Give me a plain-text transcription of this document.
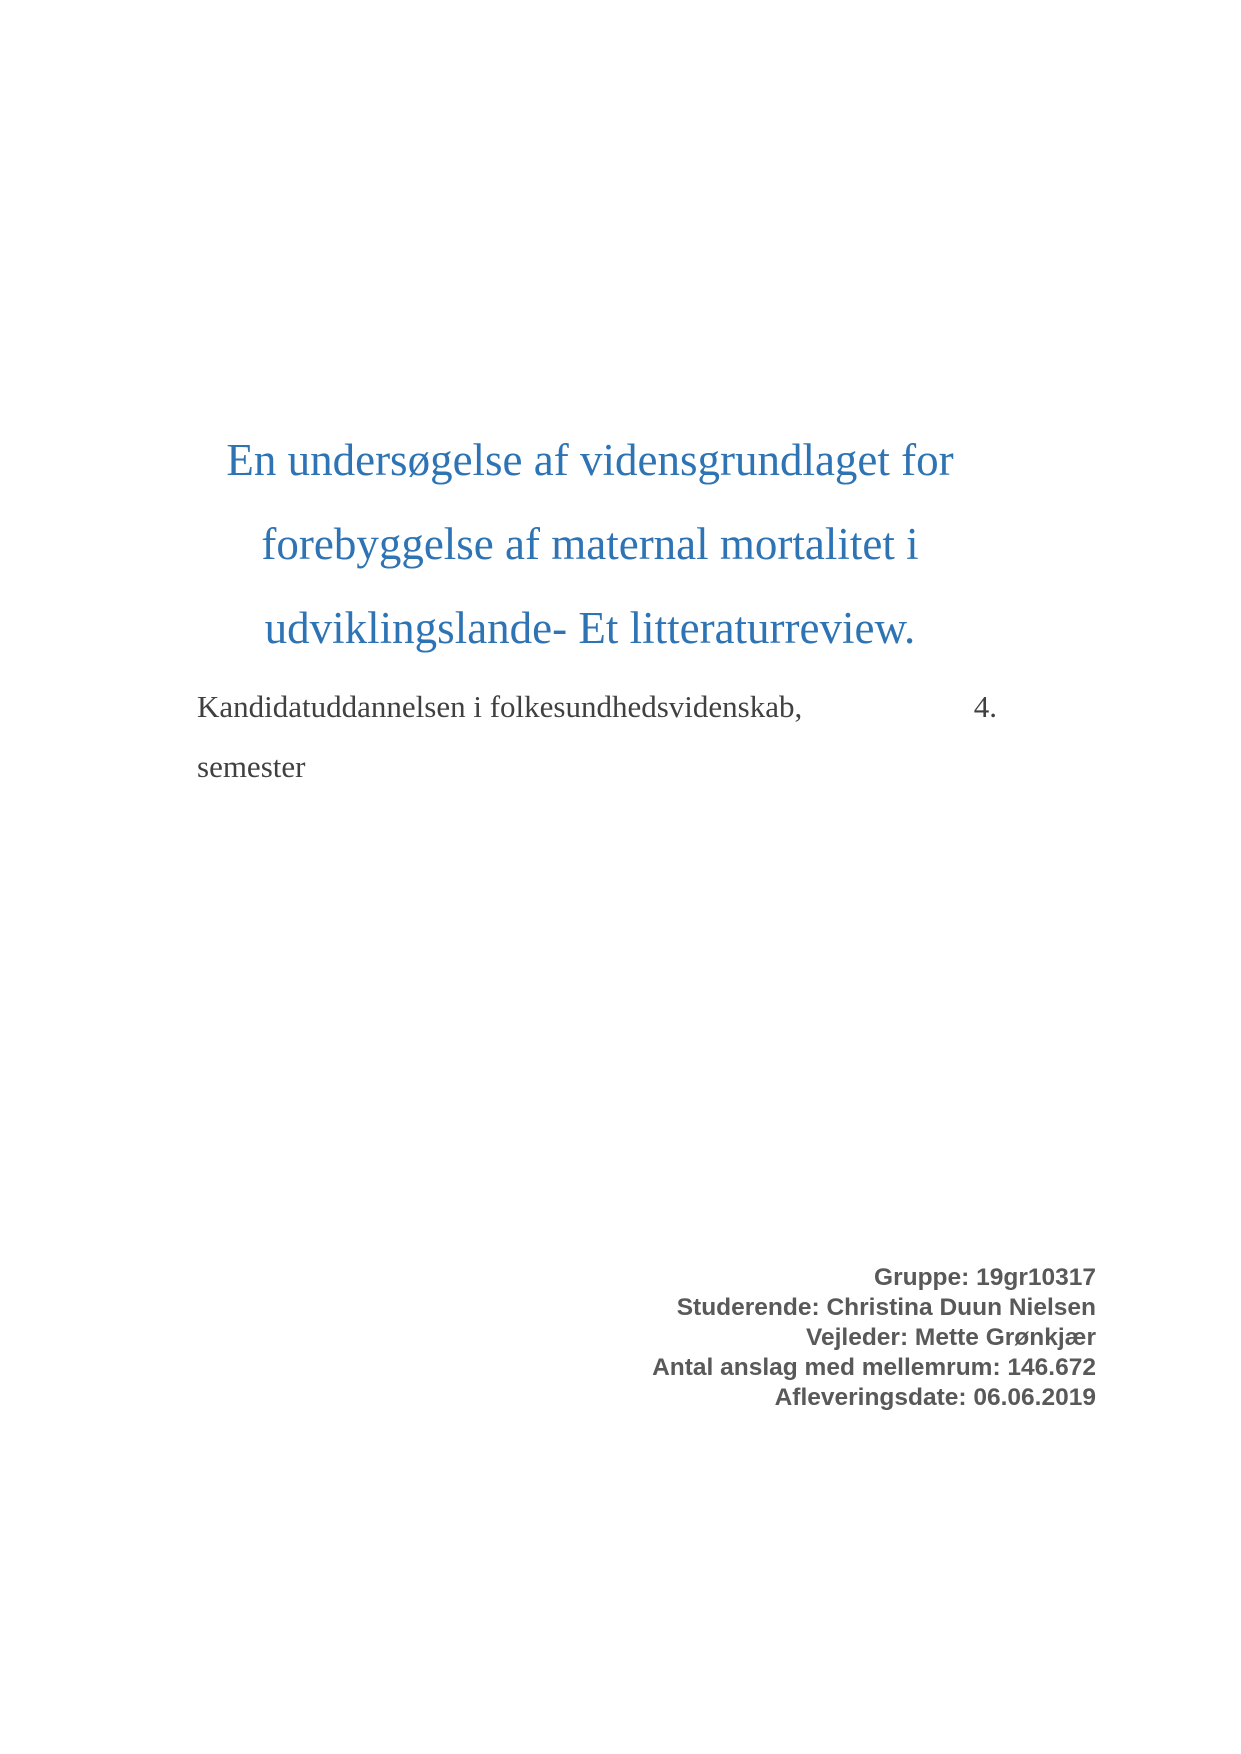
En undersøgelse af vidensgrundlaget for
forebyggelse af maternal mortalitet i
udviklingslande- Et litteraturreview.
Kandidatuddannelsen i folkesundhedsvidenskab,	4.
semester
Gruppe: 19gr10317
Studerende: Christina Duun Nielsen
Vejleder: Mette Grønkjær
Antal anslag med mellemrum: 146.672
Afleveringsdate: 06.06.2019
